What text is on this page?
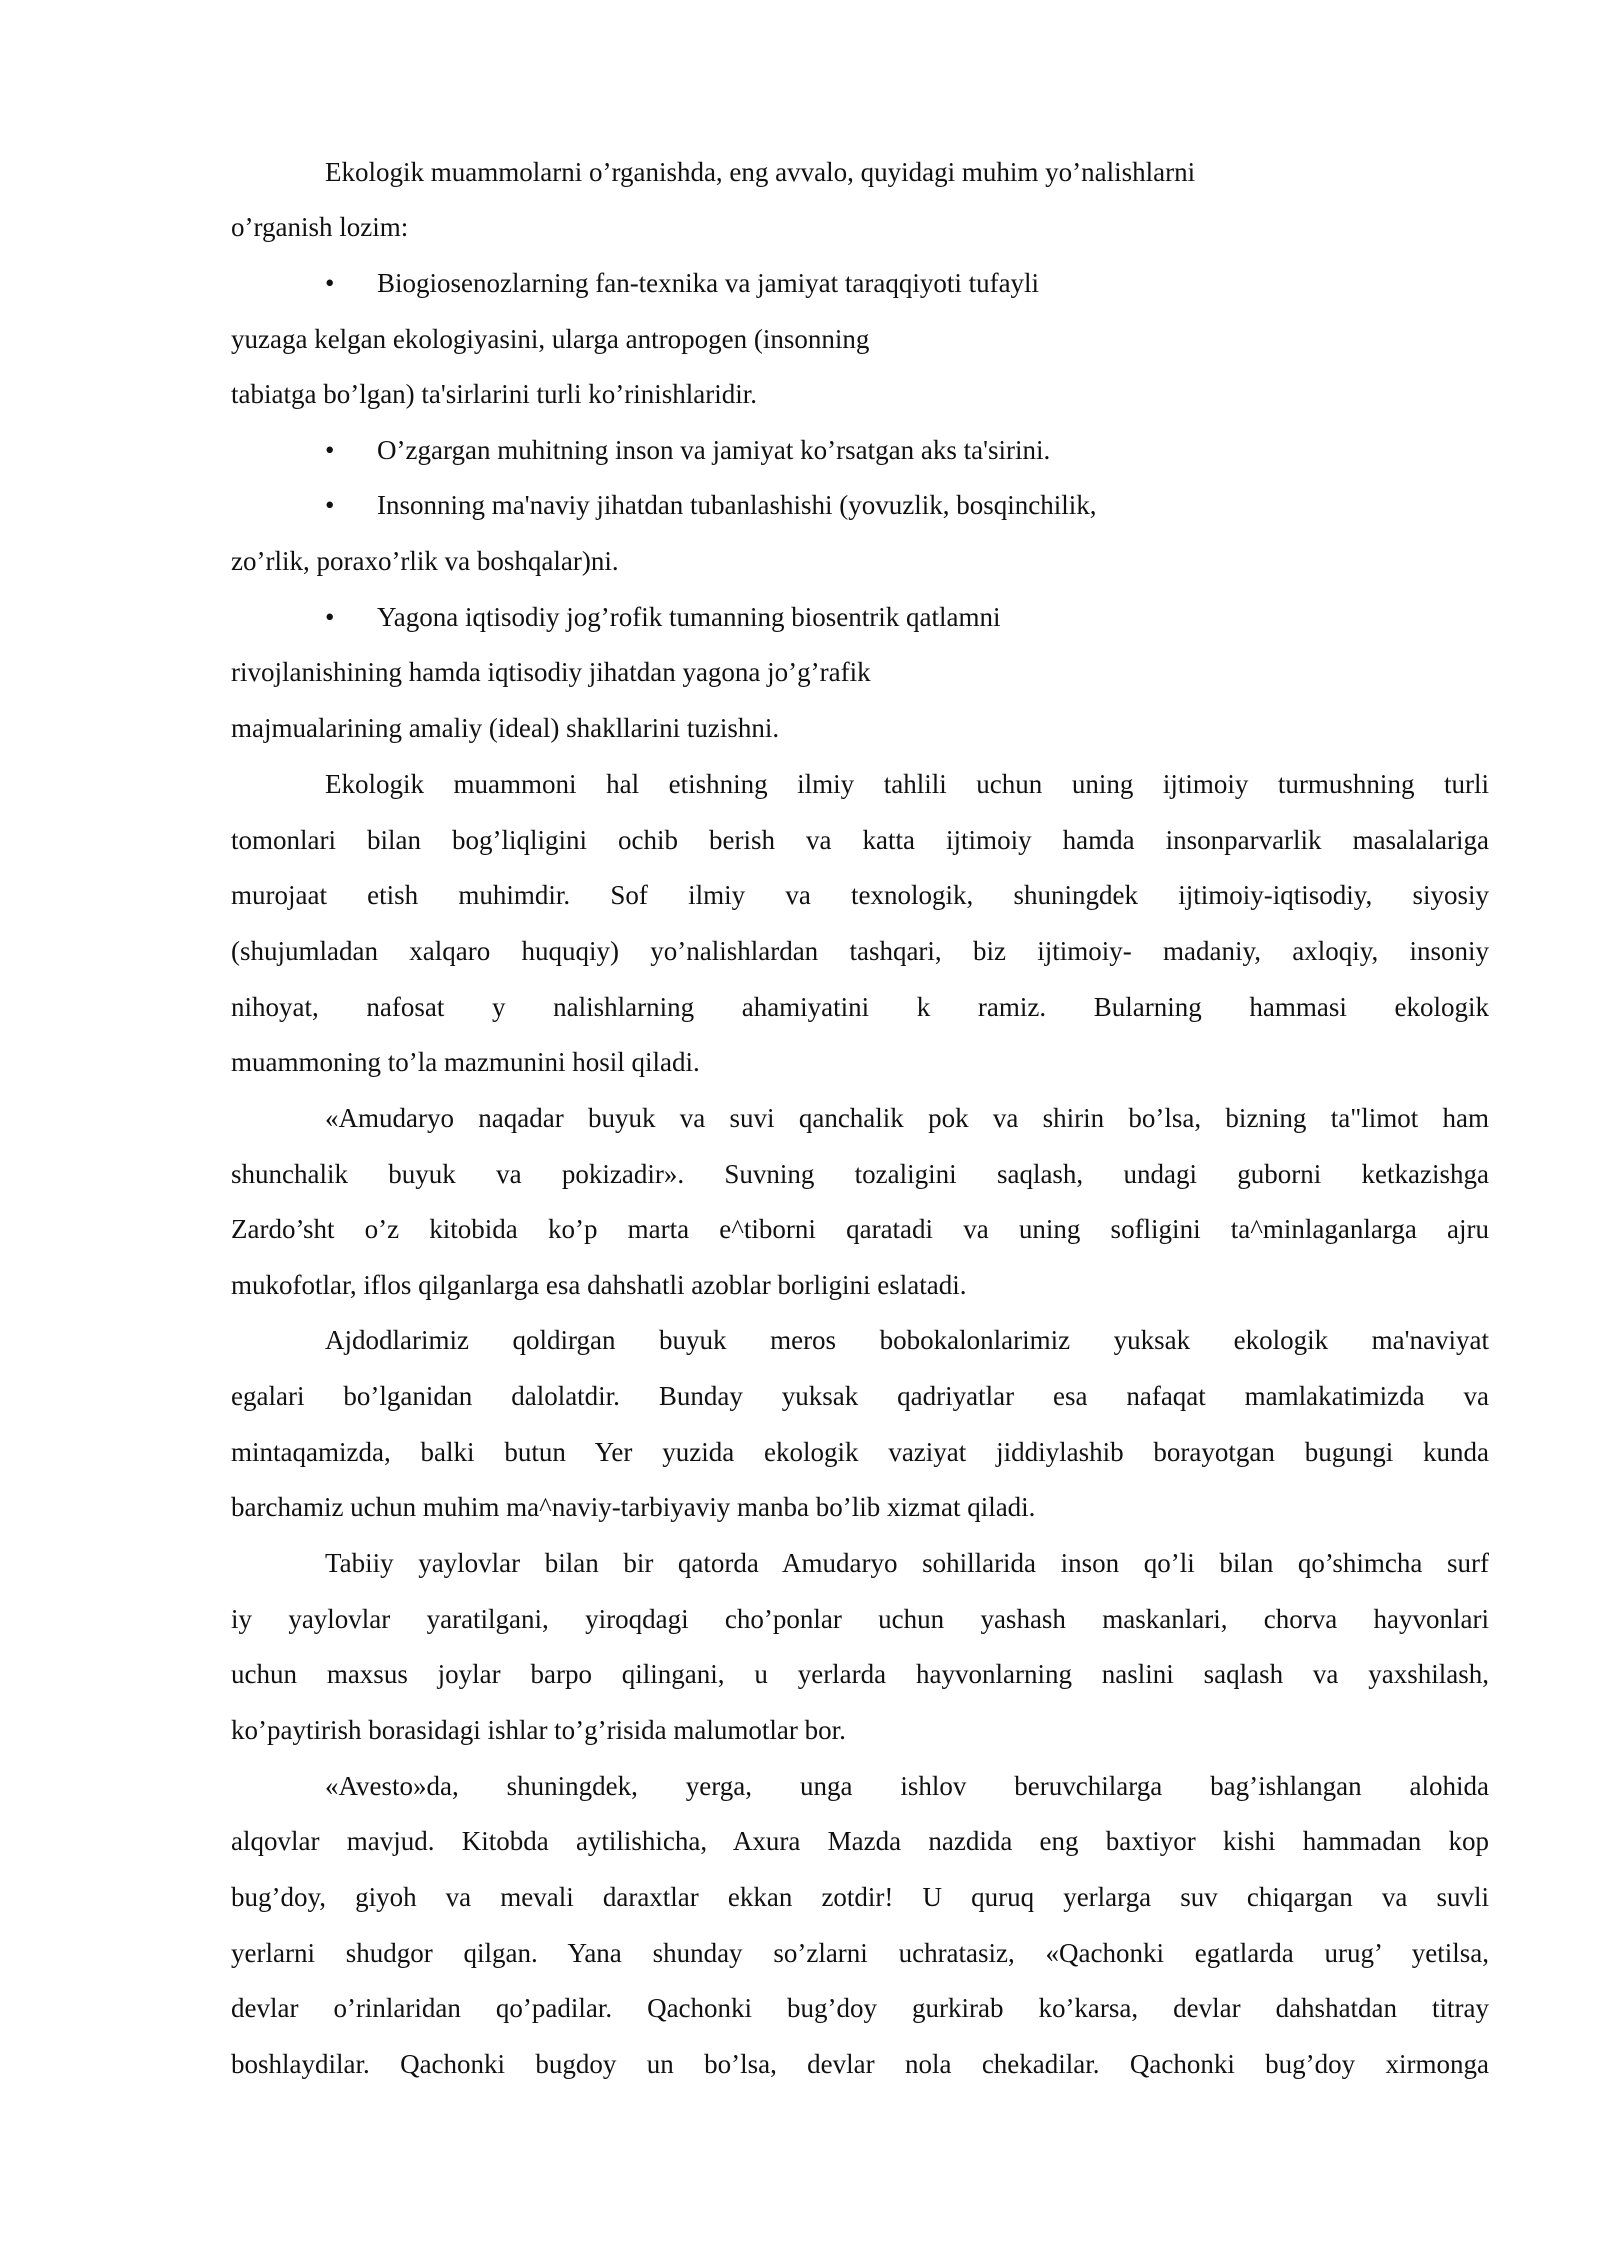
Ekologik muammolarni o’rganishda, eng avvalo, quyidagi muhim yo’nalishlarni
o’rganish lozim:
• Biogiosenozlarning fan-texnika va jamiyat taraqqiyoti tufayli
yuzaga kelgan ekologiyasini, ularga antropogen (insonning
tabiatga bo’lgan) ta'sirlarini turli ko’rinishlaridir.
• O’zgargan muhitning inson va jamiyat ko’rsatgan aks ta'sirini.
• Insonning ma'naviy jihatdan tubanlashishi (yovuzlik, bosqinchilik,
zo’rlik, poraxo’rlik va boshqalar)ni.
• Yagona iqtisodiy jog’rofik tumanning biosentrik qatlamni
rivojlanishining hamda iqtisodiy jihatdan yagona jo’g’rafik
majmualarining amaliy (ideal) shakllarini tuzishni.
Ekologik muammoni hal etishning ilmiy tahlili uchun uning ijtimoiy turmushning turli
tomonlari bilan bog’liqligini ochib berish va katta ijtimoiy hamda insonparvarlik masalalariga
murojaat etish muhimdir. Sof ilmiy va texnologik, shuningdek ijtimoiy-iqtisodiy, siyosiy
(shujumladan xalqaro huquqiy) yo’nalishlardan tashqari, biz ijtimoiy- madaniy, axloqiy, insoniy
nihoyat, nafosat y nalishlarning ahamiyatini k ramiz. Bularning hammasi ekologik
muammoning to’la mazmunini hosil qiladi.
«Amudaryo naqadar buyuk va suvi qanchalik pok va shirin bo’lsa, bizning ta"limot ham
shunchalik buyuk va pokizadir». Suvning tozaligini saqlash, undagi guborni ketkazishga
Zardo’sht o’z kitobida ko’p marta e^tiborni qaratadi va uning sofligini ta^minlaganlarga ajru
mukofotlar, iflos qilganlarga esa dahshatli azoblar borligini eslatadi.
Ajdodlarimiz qoldirgan buyuk meros bobokalonlarimiz yuksak ekologik ma'naviyat
egalari bo’lganidan dalolatdir. Bunday yuksak qadriyatlar esa nafaqat mamlakatimizda va
mintaqamizda, balki butun Yer yuzida ekologik vaziyat jiddiylashib borayotgan bugungi kunda
barchamiz uchun muhim ma^naviy-tarbiyaviy manba bo’lib xizmat qiladi.
Tabiiy yaylovlar bilan bir qatorda Amudaryo sohillarida inson qo’li bilan qo’shimcha surf
iy yaylovlar yaratilgani, yiroqdagi cho’ponlar uchun yashash maskanlari, chorva hayvonlari
uchun maxsus joylar barpo qilingani, u yerlarda hayvonlarning naslini saqlash va yaxshilash,
ko’paytirish borasidagi ishlar to’g’risida malumotlar bor.
«Avesto»da, shuningdek, yerga, unga ishlov beruvchilarga bag’ishlangan alohida
alqovlar mavjud. Kitobda aytilishicha, Axura Mazda nazdida eng baxtiyor kishi hammadan kop
bug’doy, giyoh va mevali daraxtlar ekkan zotdir! U quruq yerlarga suv chiqargan va suvli
yerlarni shudgor qilgan. Yana shunday so’zlarni uchratasiz, «Qachonki egatlarda urug’ yetilsa,
devlar o’rinlaridan qo’padilar. Qachonki bug’doy gurkirab ko’karsa, devlar dahshatdan titray
boshlaydilar. Qachonki bugdoy un bo’lsa, devlar nola chekadilar. Qachonki bug’doy xirmonga
